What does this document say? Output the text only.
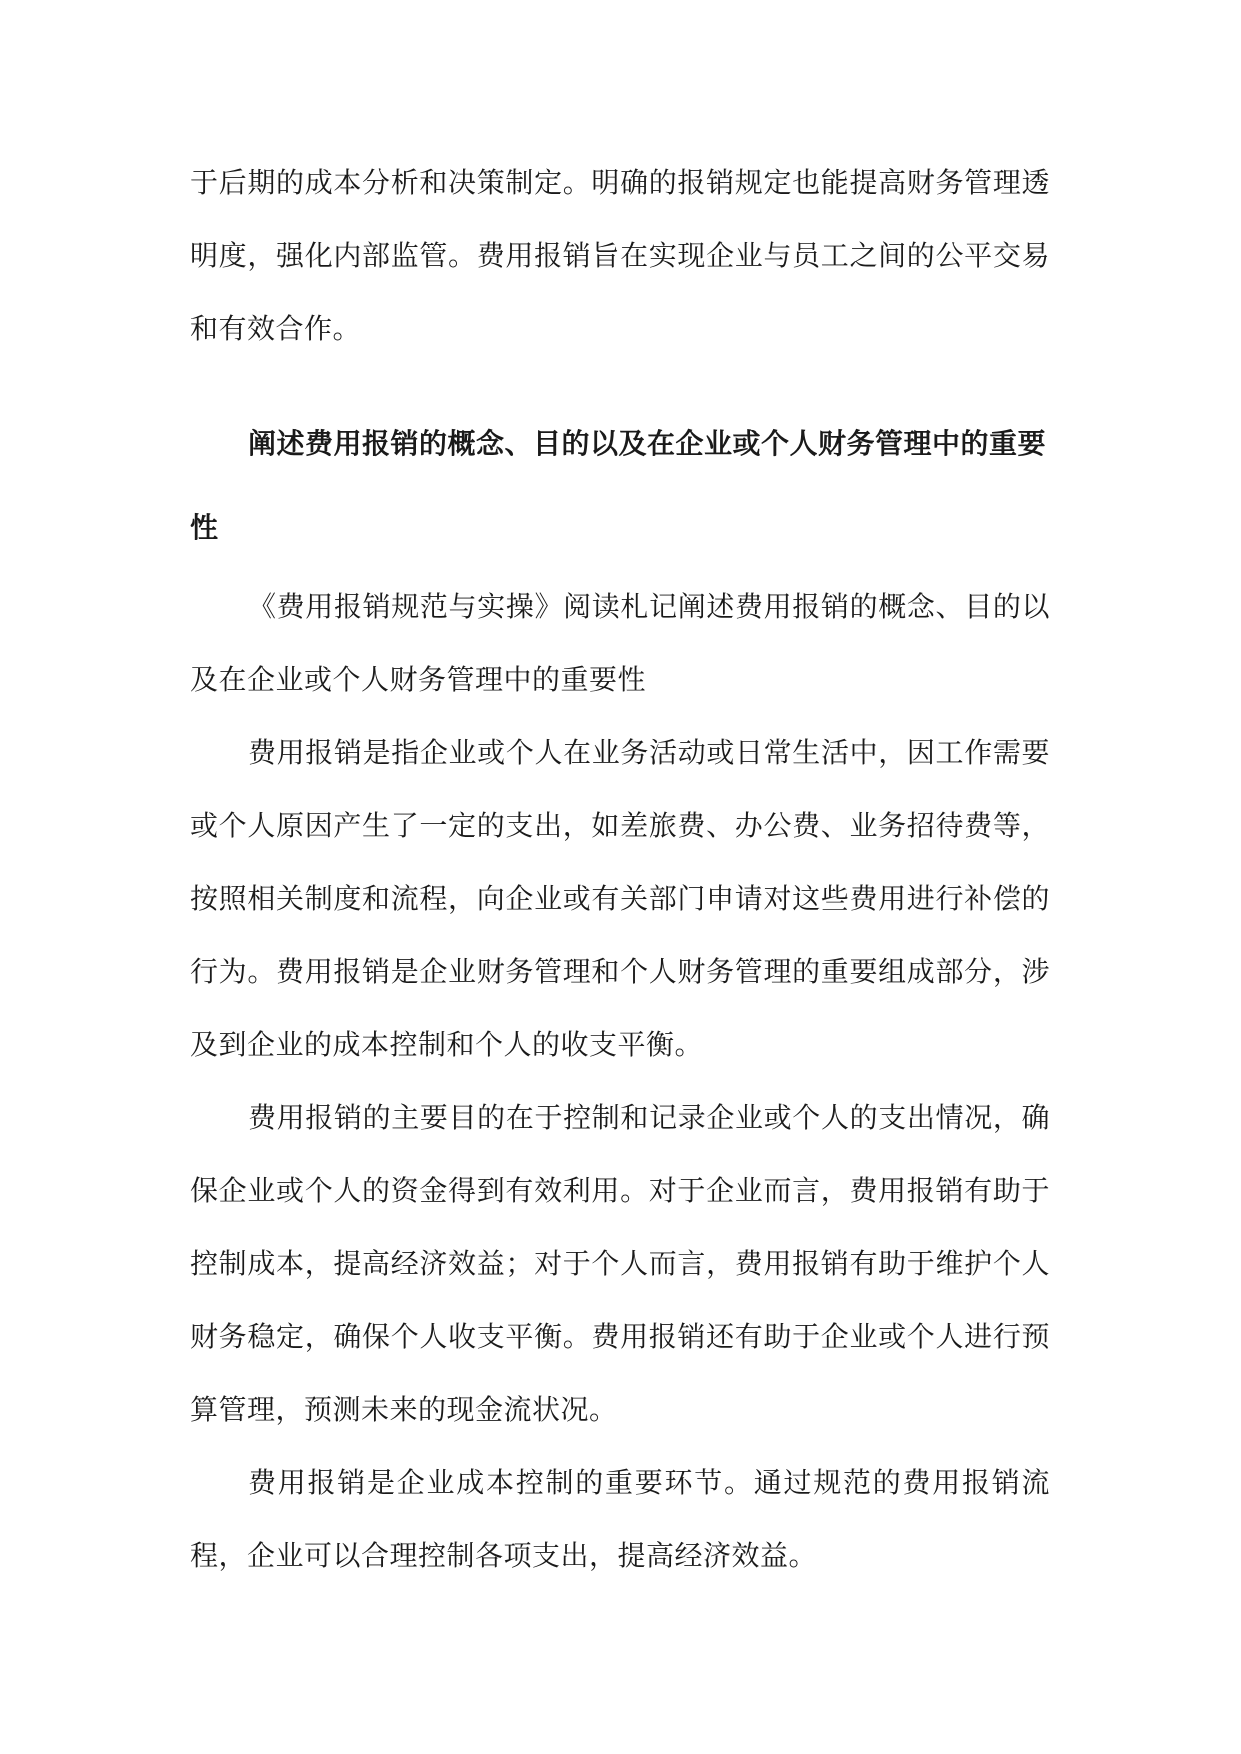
于后期的成本分析和决策制定。明确的报销规定也能提高财务管理透明度，强化内部监管。费用报销旨在实现企业与员工之间的公平交易和有效合作。

阐述费用报销的概念、目的以及在企业或个人财务管理中的重要性

《费用报销规范与实操》阅读札记阐述费用报销的概念、目的以及在企业或个人财务管理中的重要性

费用报销是指企业或个人在业务活动或日常生活中，因工作需要或个人原因产生了一定的支出，如差旅费、办公费、业务招待费等，按照相关制度和流程，向企业或有关部门申请对这些费用进行补偿的行为。费用报销是企业财务管理和个人财务管理的重要组成部分，涉及到企业的成本控制和个人的收支平衡。

费用报销的主要目的在于控制和记录企业或个人的支出情况，确保企业或个人的资金得到有效利用。对于企业而言，费用报销有助于控制成本，提高经济效益；对于个人而言，费用报销有助于维护个人财务稳定，确保个人收支平衡。费用报销还有助于企业或个人进行预算管理，预测未来的现金流状况。

费用报销是企业成本控制的重要环节。通过规范的费用报销流程，企业可以合理控制各项支出，提高经济效益。
